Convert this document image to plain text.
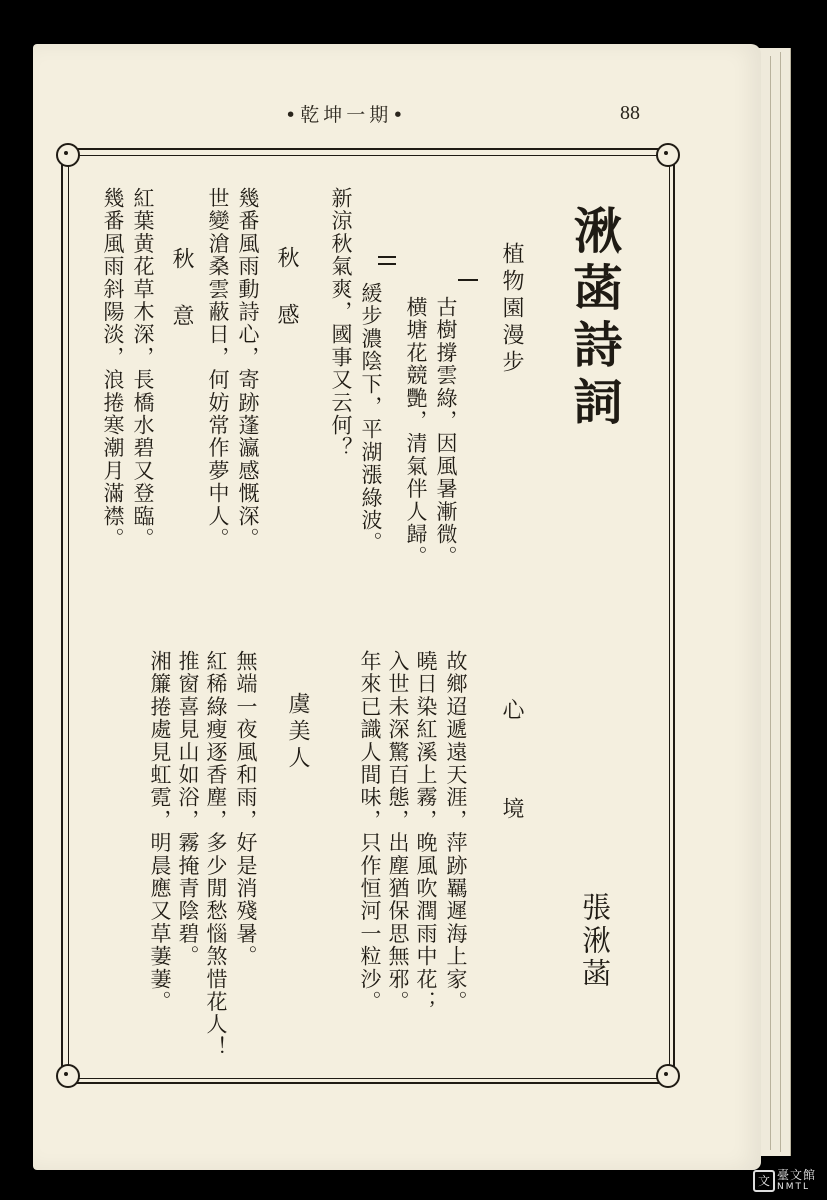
•乾坤一期•	88
湫菡詩詞
張湫菡
植物園漫步
古樹撐雲綠，因風暑漸微。
横塘花競艷，清氣伴人歸。
緩步濃陰下，平湖漲綠波。
新涼秋氣爽，國事又云何？
秋 感
幾番風雨動詩心，寄跡蓬瀛感慨深。
世變滄桑雲蔽日，何妨常作夢中人。
秋 意
紅葉黄花草木深，長橋水碧又登臨。
幾番風雨斜陽淡，浪捲寒潮月滿襟。
心 境
故鄉迢遞遠天涯，萍跡羈遲海上家。
曉日染紅溪上霧，晚風吹潤雨中花；
入世未深驚百態，出塵猶保思無邪。
年來已識人間味，只作恒河一粒沙。
虞美人
無端一夜風和雨，好是消殘暑。
紅稀綠瘦逐香塵，多少閒愁惱煞惜花人！
推窗喜見山如浴，霧掩青陰碧。
湘簾捲處見虹霓，明晨應又草萋萋。
文 臺文館
NMTL
